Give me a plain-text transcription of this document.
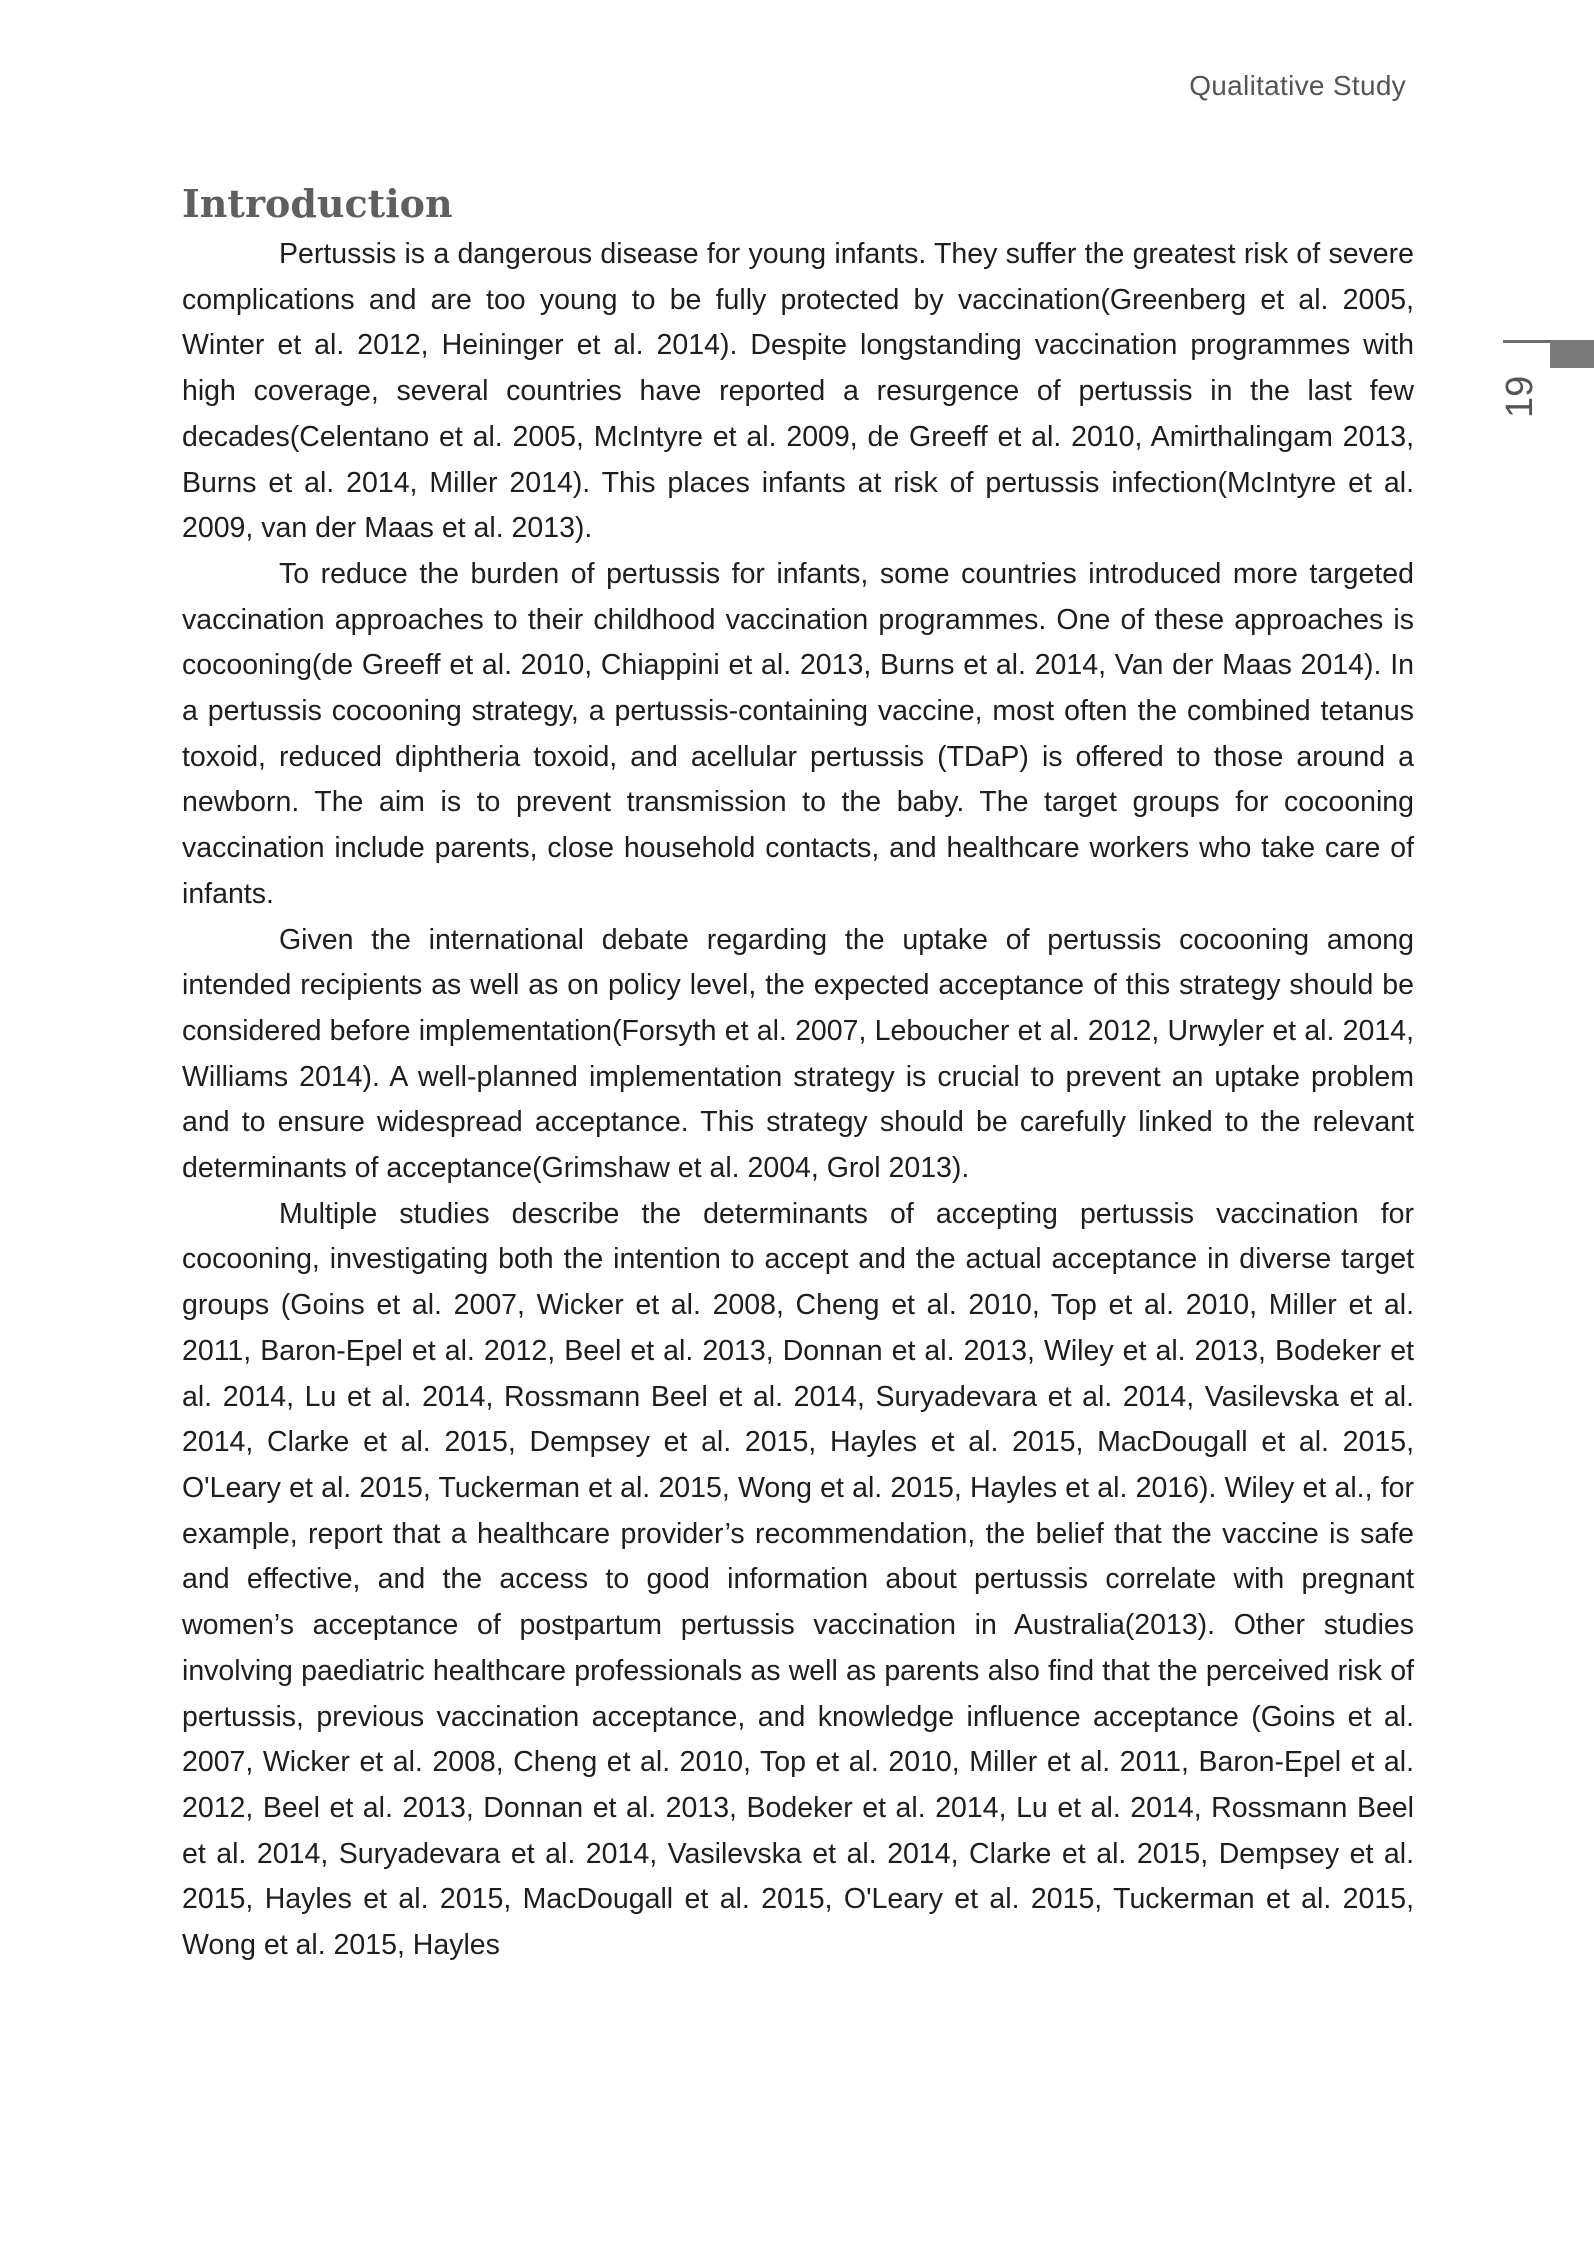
Qualitative Study
19
Introduction

Pertussis is a dangerous disease for young infants. They suffer the greatest risk of severe complications and are too young to be fully protected by vaccination(Greenberg et al. 2005, Winter et al. 2012, Heininger et al. 2014). Despite longstanding vaccination programmes with high coverage, several countries have reported a resurgence of pertussis in the last few decades(Celentano et al. 2005, McIntyre et al. 2009, de Greeff et al. 2010, Amirthalingam 2013, Burns et al. 2014, Miller 2014). This places infants at risk of pertussis infection(McIntyre et al. 2009, van der Maas et al. 2013).

To reduce the burden of pertussis for infants, some countries introduced more targeted vaccination approaches to their childhood vaccination programmes. One of these approaches is cocooning(de Greeff et al. 2010, Chiappini et al. 2013, Burns et al. 2014, Van der Maas 2014). In a pertussis cocooning strategy, a pertussis-containing vaccine, most often the combined tetanus toxoid, reduced diphtheria toxoid, and acellular pertussis (TDaP) is offered to those around a newborn. The aim is to prevent transmission to the baby. The target groups for cocooning vaccination include parents, close household contacts, and healthcare workers who take care of infants.

Given the international debate regarding the uptake of pertussis cocooning among intended recipients as well as on policy level, the expected acceptance of this strategy should be considered before implementation(Forsyth et al. 2007, Leboucher et al. 2012, Urwyler et al. 2014, Williams 2014). A well-planned implementation strategy is crucial to prevent an uptake problem and to ensure widespread acceptance. This strategy should be carefully linked to the relevant determinants of acceptance(Grimshaw et al. 2004, Grol 2013).

Multiple studies describe the determinants of accepting pertussis vaccination for cocooning, investigating both the intention to accept and the actual acceptance in diverse target groups (Goins et al. 2007, Wicker et al. 2008, Cheng et al. 2010, Top et al. 2010, Miller et al. 2011, Baron-Epel et al. 2012, Beel et al. 2013, Donnan et al. 2013, Wiley et al. 2013, Bodeker et al. 2014, Lu et al. 2014, Rossmann Beel et al. 2014, Suryadevara et al. 2014, Vasilevska et al. 2014, Clarke et al. 2015, Dempsey et al. 2015, Hayles et al. 2015, MacDougall et al. 2015, O'Leary et al. 2015, Tuckerman et al. 2015, Wong et al. 2015, Hayles et al. 2016). Wiley et al., for example, report that a healthcare provider’s recommendation, the belief that the vaccine is safe and effective, and the access to good information about pertussis correlate with pregnant women’s acceptance of postpartum pertussis vaccination in Australia(2013). Other studies involving paediatric healthcare professionals as well as parents also find that the perceived risk of pertussis, previous vaccination acceptance, and knowledge influence acceptance (Goins et al. 2007, Wicker et al. 2008, Cheng et al. 2010, Top et al. 2010, Miller et al. 2011, Baron-Epel et al. 2012, Beel et al. 2013, Donnan et al. 2013, Bodeker et al. 2014, Lu et al. 2014, Rossmann Beel et al. 2014, Suryadevara et al. 2014, Vasilevska et al. 2014, Clarke et al. 2015, Dempsey et al. 2015, Hayles et al. 2015, MacDougall et al. 2015, O'Leary et al. 2015, Tuckerman et al. 2015, Wong et al. 2015, Hayles
